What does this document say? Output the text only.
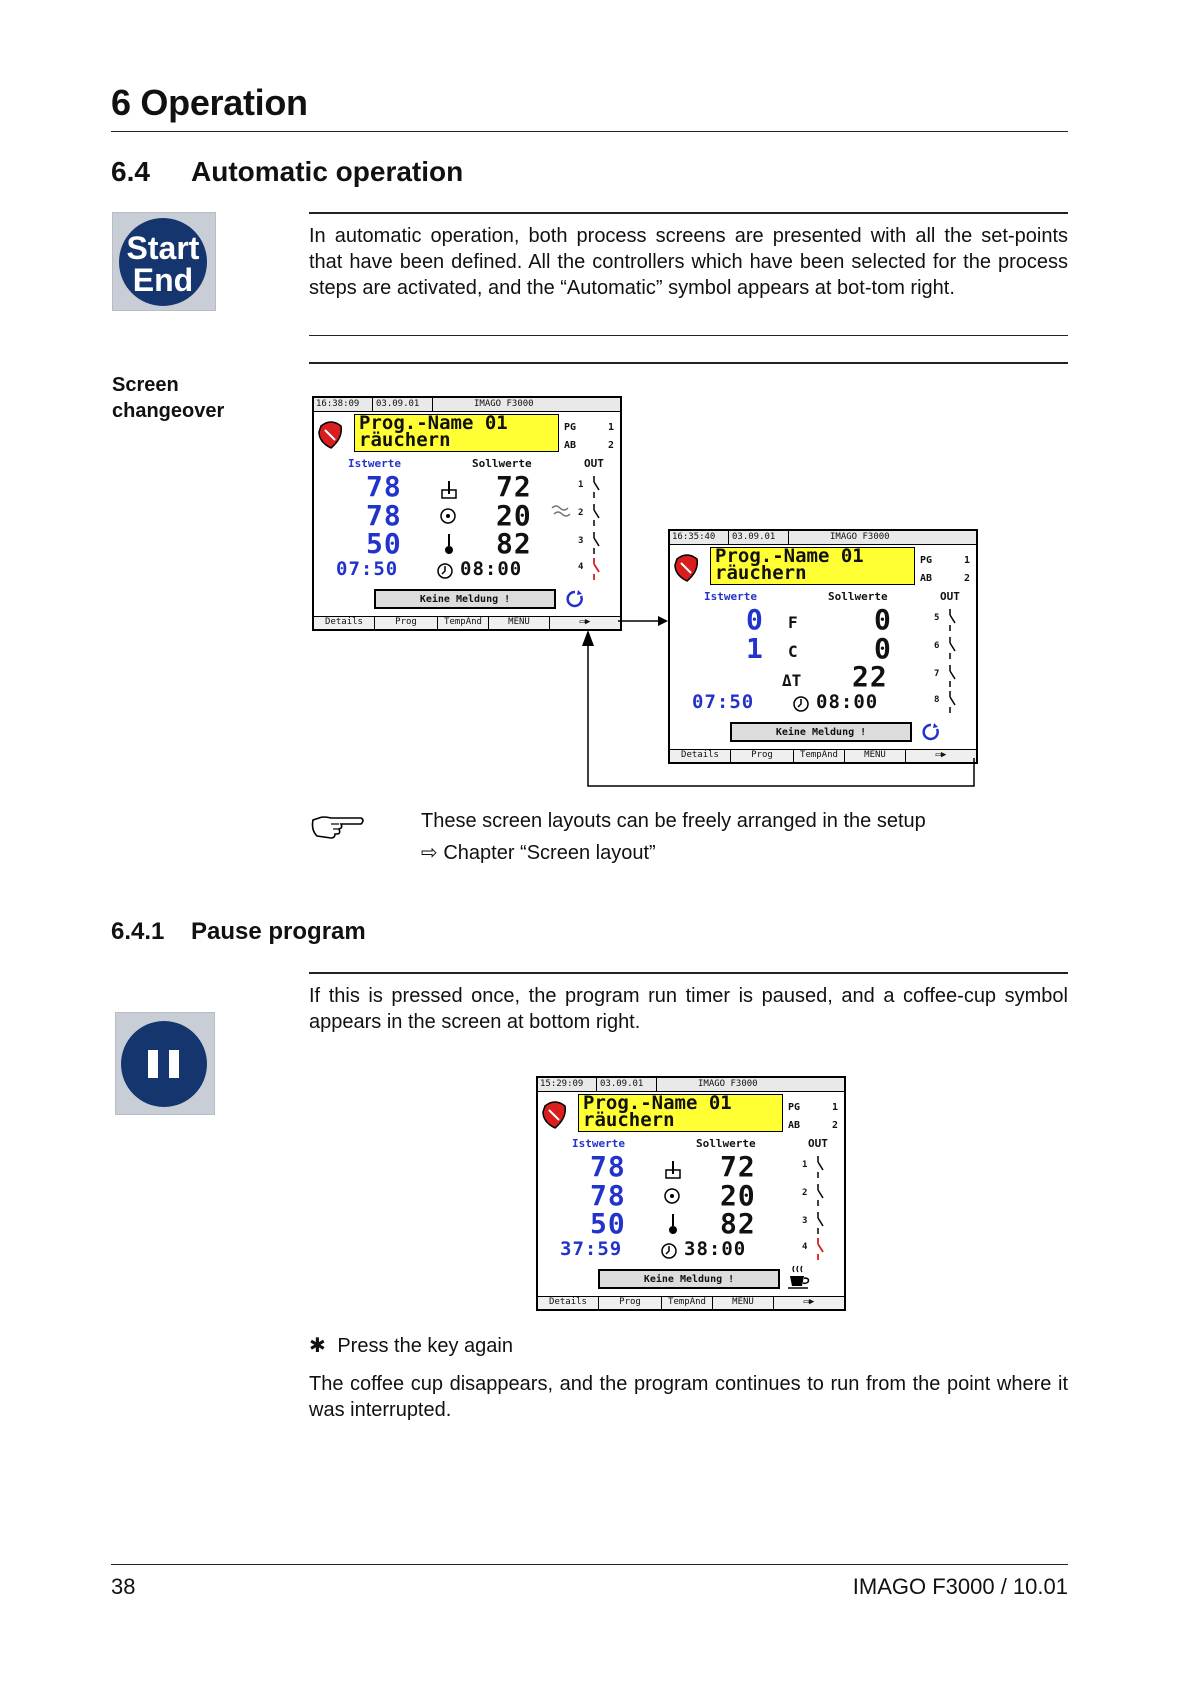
6 Operation
6.4 Automatic operation
Start
End
In automatic operation, both process screens are presented with all the set-points that have been defined. All the controllers which have been selected for the process steps are activated, and the “Automatic” symbol appears at bot-tom right.
Screen changeover	16:38:09 03.09.01	IMAGO F3000
Prog.-Name 01
räuchern
PG	1
AB	2
Istwerte	Sollwerte	OUT
78	72	1
78	20	2
50	82	3
4
07:50	08:00
Keine Meldung !
Details	Prog	TempAnd	MENU	▭▶
16:35:40 03.09.01	IMAGO F3000
Prog.-Name 01
räuchern
PG	1
AB	2
Istwerte	Sollwerte	OUT
0 F	0	5
1 C	0	6
ΔT 22	7
8
07:50	08:00
Keine Meldung !
Details	Prog	TempAnd	MENU	▭▶
These screen layouts can be freely arranged in the setup
⇨ Chapter “Screen layout”
6.4.1 Pause program
If this is pressed once, the program run timer is paused, and a coffee-cup symbol appears in the screen at bottom right.
15:29:09 03.09.01	IMAGO F3000
Prog.-Name 01
räuchern
PG	1
AB	2
Istwerte	Sollwerte	OUT
78	72	1
78	20	2
50	82	3
4
37:59	38:00
Keine Meldung !
Details	Prog	TempAnd	MENU	▭▶
✱ Press the key again
The coffee cup disappears, and the program continues to run from the point where it was interrupted.
38	IMAGO F3000 / 10.01
